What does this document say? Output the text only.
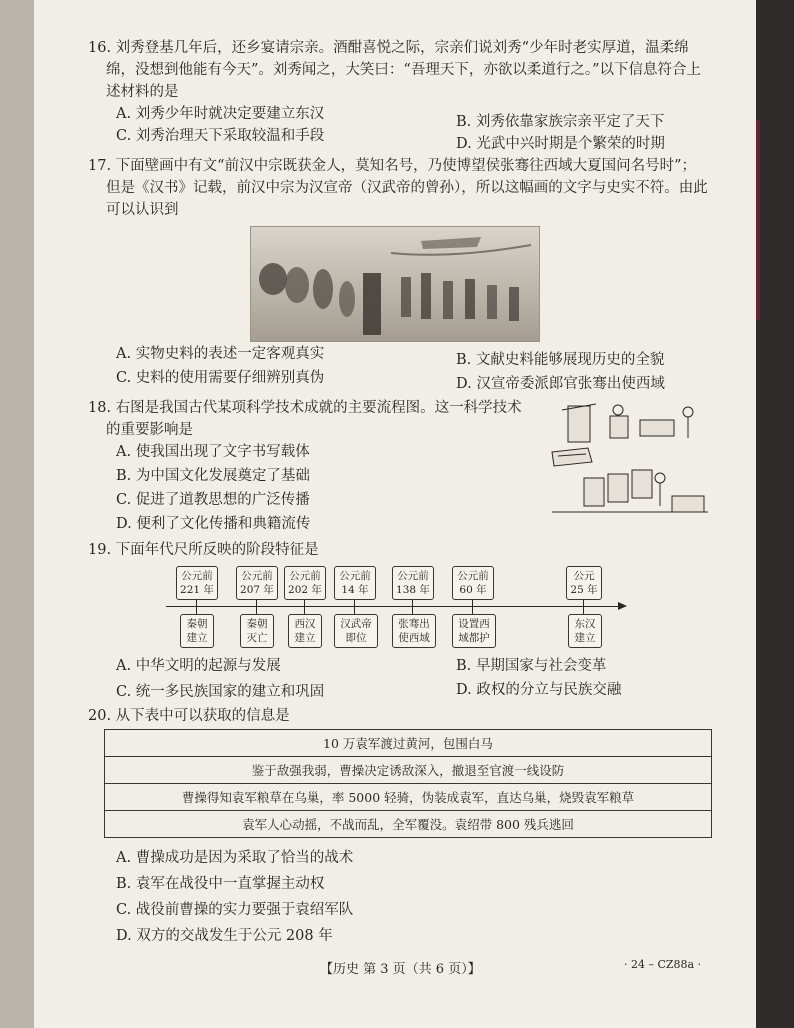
16. 刘秀登基几年后，还乡宴请宗亲。酒酣喜悦之际，宗亲们说刘秀“少年时老实厚道，温柔绵
绵，没想到他能有今天”。刘秀闻之，大笑曰：“吾理天下，亦欲以柔道行之。”以下信息符合上
述材料的是
A. 刘秀少年时就决定要建立东汉	B. 刘秀依靠家族宗亲平定了天下
C. 刘秀治理天下采取较温和手段	D. 光武中兴时期是个繁荣的时期
17. 下面壁画中有文“前汉中宗既获金人，莫知名号，乃使博望侯张骞往西域大夏国问名号时”；
但是《汉书》记载，前汉中宗为汉宣帝（汉武帝的曾孙），所以这幅画的文字与史实不符。由此
可以认识到
A. 实物史料的表述一定客观真实	B. 文献史料能够展现历史的全貌
C. 史料的使用需要仔细辨别真伪	D. 汉宣帝委派郎官张骞出使西域
18. 右图是我国古代某项科学技术成就的主要流程图。这一科学技术
的重要影响是
A. 使我国出现了文字书写载体
B. 为中国文化发展奠定了基础
C. 促进了道教思想的广泛传播
D. 便利了文化传播和典籍流传
19. 下面年代尺所反映的阶段特征是
公元前
221 年
公元前
207 年
公元前
202 年
公元前
14 年
公元前
138 年
公元前
60 年
公元
25 年
秦朝
建立
秦朝
灭亡
西汉
建立
汉武帝
即位
张骞出
使西域
设置西
域都护
东汉
建立
A. 中华文明的起源与发展	B. 早期国家与社会变革
C. 统一多民族国家的建立和巩固	D. 政权的分立与民族交融
20. 从下表中可以获取的信息是
10 万袁军渡过黄河，包围白马
鉴于敌强我弱，曹操决定诱敌深入，撤退至官渡一线设防
曹操得知袁军粮草在乌巢，率 5000 轻骑，伪装成袁军，直达乌巢，烧毁袁军粮草
袁军人心动摇，不战而乱，全军覆没。袁绍带 800 残兵逃回
A. 曹操成功是因为采取了恰当的战术
B. 袁军在战役中一直掌握主动权
C. 战役前曹操的实力要强于袁绍军队
D. 双方的交战发生于公元 208 年
【历史 第 3 页（共 6 页）】	· 24 – CZ88a ·
